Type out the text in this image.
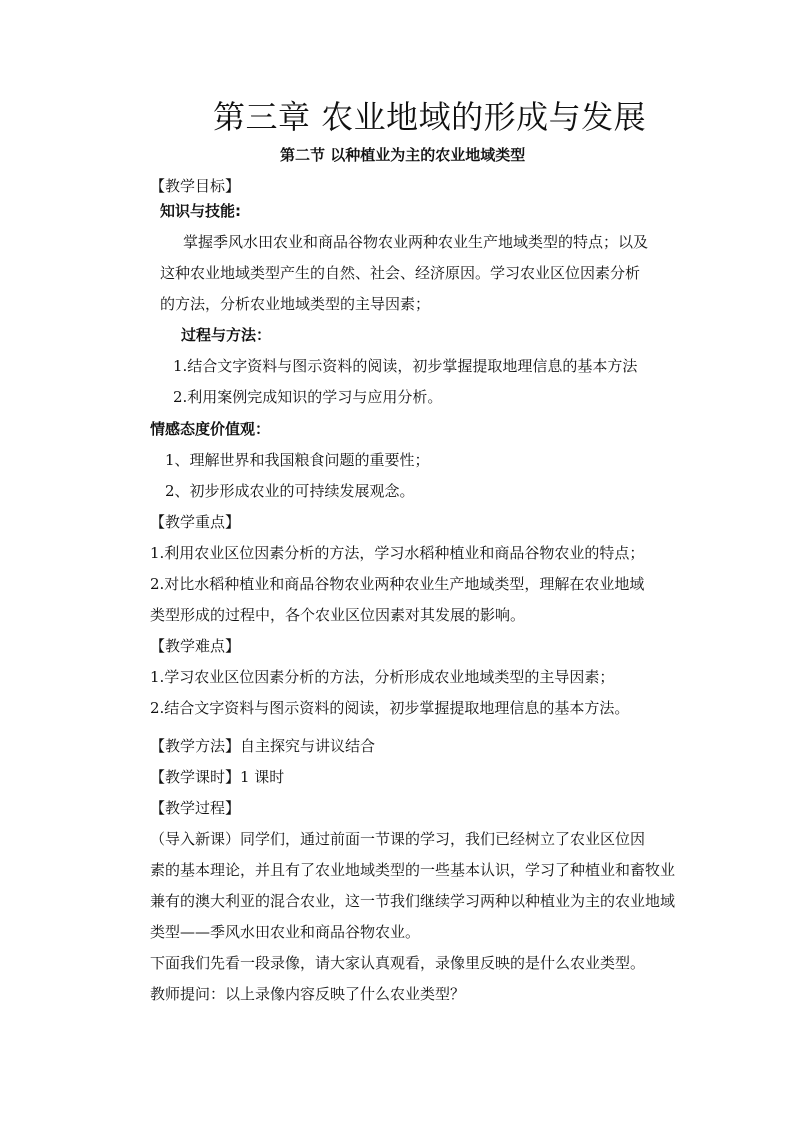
第三章 农业地域的形成与发展
第二节 以种植业为主的农业地域类型
【教学目标】
知识与技能:
掌握季风水田农业和商品谷物农业两种农业生产地域类型的特点；以及
这种农业地域类型产生的自然、社会、经济原因。学习农业区位因素分析
的方法，分析农业地域类型的主导因素；
过程与方法：
1.结合文字资料与图示资料的阅读，初步掌握提取地理信息的基本方法
2.利用案例完成知识的学习与应用分析。
情感态度价值观：
1、理解世界和我国粮食问题的重要性；
2、初步形成农业的可持续发展观念。
【教学重点】
1.利用农业区位因素分析的方法，学习水稻种植业和商品谷物农业的特点；
2.对比水稻种植业和商品谷物农业两种农业生产地域类型，理解在农业地域
类型形成的过程中，各个农业区位因素对其发展的影响。
【教学难点】
1.学习农业区位因素分析的方法，分析形成农业地域类型的主导因素；
2.结合文字资料与图示资料的阅读，初步掌握提取地理信息的基本方法。
【教学方法】自主探究与讲议结合
【教学课时】1 课时
【教学过程】
（导入新课）同学们，通过前面一节课的学习，我们已经树立了农业区位因
素的基本理论，并且有了农业地域类型的一些基本认识，学习了种植业和畜牧业
兼有的澳大利亚的混合农业，这一节我们继续学习两种以种植业为主的农业地域
类型——季风水田农业和商品谷物农业。
下面我们先看一段录像，请大家认真观看，录像里反映的是什么农业类型。
教师提问：以上录像内容反映了什么农业类型？
